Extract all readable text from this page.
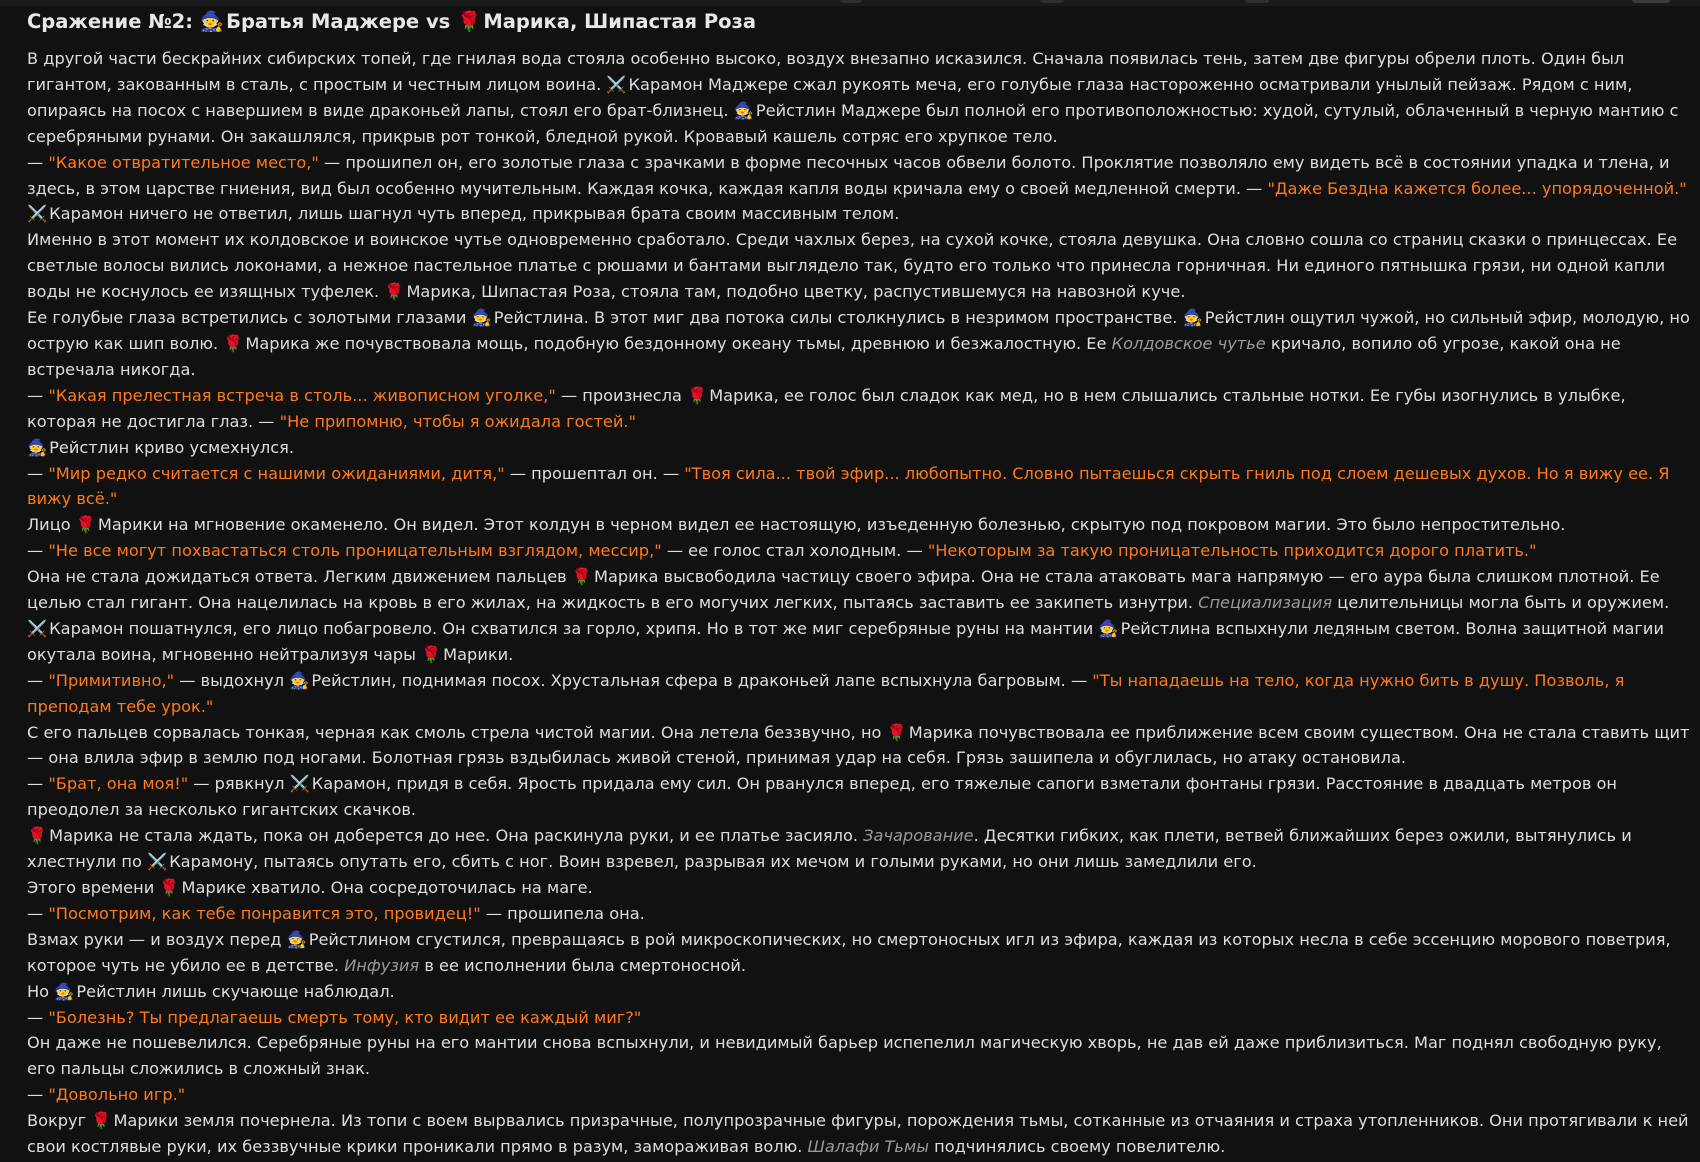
Сражение №2: 🧙 Братья Маджере vs 🌹 Марика, Шипастая Роза

В другой части бескрайних сибирских топей, где гнилая вода стояла особенно высоко, воздух внезапно исказился. Сначала появилась тень, затем две фигуры обрели плоть. Один был гигантом, закованным в сталь, с простым и честным лицом воина. ⚔️ Карамон Маджере сжал рукоять меча, его голубые глаза настороженно осматривали унылый пейзаж. Рядом с ним, опираясь на посох с навершием в виде драконьей лапы, стоял его брат-близнец. 🧙 Рейстлин Маджере был полной его противоположностью: худой, сутулый, облаченный в черную мантию с серебряными рунами. Он закашлялся, прикрыв рот тонкой, бледной рукой. Кровавый кашель сотряс его хрупкое тело.

— "Какое отвратительное место," — прошипел он, его золотые глаза с зрачками в форме песочных часов обвели болото. Проклятие позволяло ему видеть всё в состоянии упадка и тлена, и здесь, в этом царстве гниения, вид был особенно мучительным. Каждая кочка, каждая капля воды кричала ему о своей медленной смерти. — "Даже Бездна кажется более... упорядоченной."

⚔️ Карамон ничего не ответил, лишь шагнул чуть вперед, прикрывая брата своим массивным телом.

Именно в этот момент их колдовское и воинское чутье одновременно сработало. Среди чахлых берез, на сухой кочке, стояла девушка. Она словно сошла со страниц сказки о принцессах. Ее светлые волосы вились локонами, а нежное пастельное платье с рюшами и бантами выглядело так, будто его только что принесла горничная. Ни единого пятнышка грязи, ни одной капли воды не коснулось ее изящных туфелек. 🌹 Марика, Шипастая Роза, стояла там, подобно цветку, распустившемуся на навозной куче.

Ее голубые глаза встретились с золотыми глазами 🧙 Рейстлина. В этот миг два потока силы столкнулись в незримом пространстве. 🧙 Рейстлин ощутил чужой, но сильный эфир, молодую, но острую как шип волю. 🌹 Марика же почувствовала мощь, подобную бездонному океану тьмы, древнюю и безжалостную. Ее Колдовское чутье кричало, вопило об угрозе, какой она не встречала никогда.

— "Какая прелестная встреча в столь... живописном уголке," — произнесла 🌹 Марика, ее голос был сладок как мед, но в нем слышались стальные нотки. Ее губы изогнулись в улыбке, которая не достигла глаз. — "Не припомню, чтобы я ожидала гостей."

🧙 Рейстлин криво усмехнулся.

— "Мир редко считается с нашими ожиданиями, дитя," — прошептал он. — "Твоя сила... твой эфир... любопытно. Словно пытаешься скрыть гниль под слоем дешевых духов. Но я вижу ее. Я вижу всё."

Лицо 🌹 Марики на мгновение окаменело. Он видел. Этот колдун в черном видел ее настоящую, изъеденную болезнью, скрытую под покровом магии. Это было непростительно.

— "Не все могут похвастаться столь проницательным взглядом, мессир," — ее голос стал холодным. — "Некоторым за такую проницательность приходится дорого платить."

Она не стала дожидаться ответа. Легким движением пальцев 🌹 Марика высвободила частицу своего эфира. Она не стала атаковать мага напрямую — его аура была слишком плотной. Ее целью стал гигант. Она нацелилась на кровь в его жилах, на жидкость в его могучих легких, пытаясь заставить ее закипеть изнутри. Специализация целительницы могла быть и оружием.

⚔️ Карамон пошатнулся, его лицо побагровело. Он схватился за горло, хрипя. Но в тот же миг серебряные руны на мантии 🧙 Рейстлина вспыхнули ледяным светом. Волна защитной магии окутала воина, мгновенно нейтрализуя чары 🌹 Марики.

— "Примитивно," — выдохнул 🧙 Рейстлин, поднимая посох. Хрустальная сфера в драконьей лапе вспыхнула багровым. — "Ты нападаешь на тело, когда нужно бить в душу. Позволь, я преподам тебе урок."

С его пальцев сорвалась тонкая, черная как смоль стрела чистой магии. Она летела беззвучно, но 🌹 Марика почувствовала ее приближение всем своим существом. Она не стала ставить щит — она влила эфир в землю под ногами. Болотная грязь вздыбилась живой стеной, принимая удар на себя. Грязь зашипела и обуглилась, но атаку остановила.

— "Брат, она моя!" — рявкнул ⚔️ Карамон, придя в себя. Ярость придала ему сил. Он рванулся вперед, его тяжелые сапоги взметали фонтаны грязи. Расстояние в двадцать метров он преодолел за несколько гигантских скачков.

🌹 Марика не стала ждать, пока он доберется до нее. Она раскинула руки, и ее платье засияло. Зачарование. Десятки гибких, как плети, ветвей ближайших берез ожили, вытянулись и хлестнули по ⚔️ Карамону, пытаясь опутать его, сбить с ног. Воин взревел, разрывая их мечом и голыми руками, но они лишь замедлили его.

Этого времени 🌹 Марике хватило. Она сосредоточилась на маге.

— "Посмотрим, как тебе понравится это, провидец!" — прошипела она.

Взмах руки — и воздух перед 🧙 Рейстлином сгустился, превращаясь в рой микроскопических, но смертоносных игл из эфира, каждая из которых несла в себе эссенцию морового поветрия, которое чуть не убило ее в детстве. Инфузия в ее исполнении была смертоносной.

Но 🧙 Рейстлин лишь скучающе наблюдал.

— "Болезнь? Ты предлагаешь смерть тому, кто видит ее каждый миг?"

Он даже не пошевелился. Серебряные руны на его мантии снова вспыхнули, и невидимый барьер испепелил магическую хворь, не дав ей даже приблизиться. Маг поднял свободную руку, его пальцы сложились в сложный знак.

— "Довольно игр."

Вокруг 🌹 Марики земля почернела. Из топи с воем вырвались призрачные, полупрозрачные фигуры, порождения тьмы, сотканные из отчаяния и страха утопленников. Они протягивали к ней свои костлявые руки, их беззвучные крики проникали прямо в разум, замораживая волю. Шалафи Тьмы подчинялись своему повелителю.
